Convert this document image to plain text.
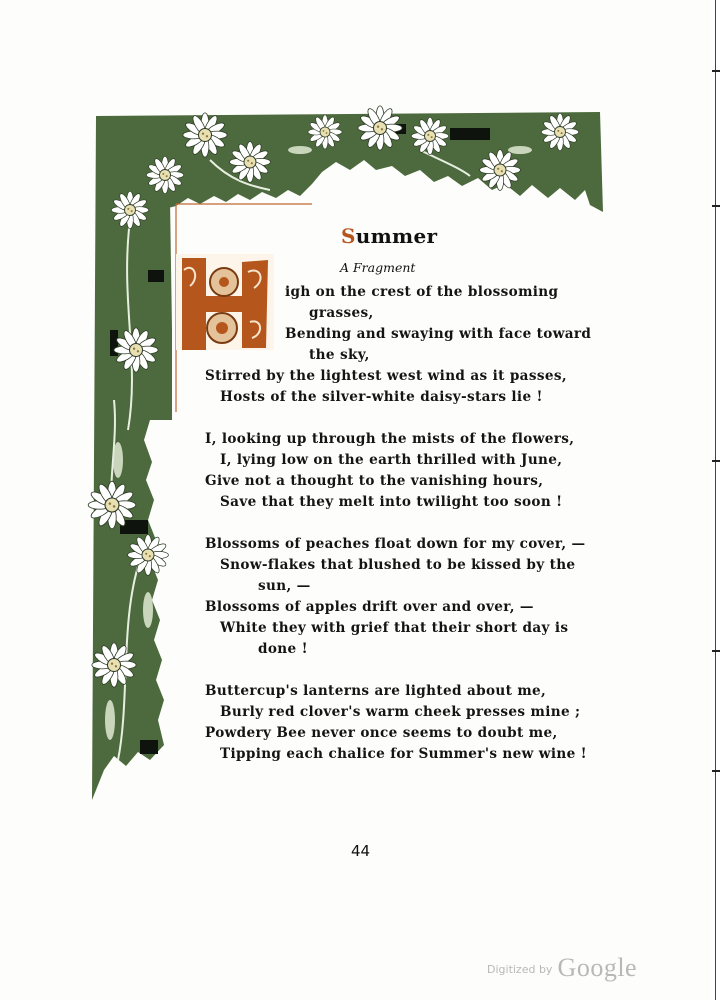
Summer
A Fragment
igh on the crest of the blossoming
grasses,
Bending and swaying with face toward
the sky,
Stirred by the lightest west wind as it passes,
Hosts of the silver-white daisy-stars lie !
I, looking up through the mists of the flowers,
I, lying low on the earth thrilled with June,
Give not a thought to the vanishing hours,
Save that they melt into twilight too soon !
Blossoms of peaches float down for my cover, —
Snow-flakes that blushed to be kissed by the
sun, —
Blossoms of apples drift over and over, —
White they with grief that their short day is
done !
Buttercup's lanterns are lighted about me,
Burly red clover's warm cheek presses mine ;
Powdery Bee never once seems to doubt me,
Tipping each chalice for Summer's new wine !
44
Digitized by Google
